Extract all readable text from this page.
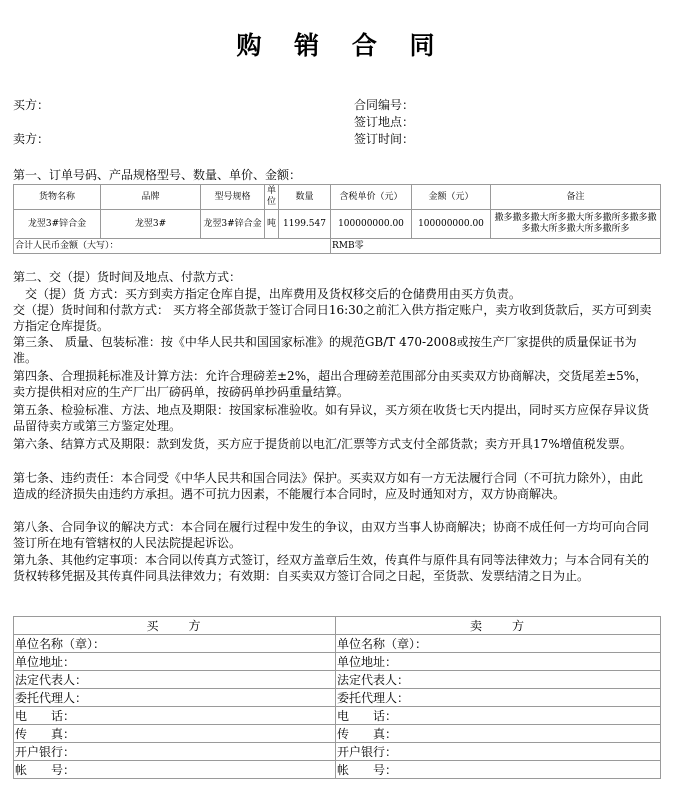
购 销 合 同
买方：
卖方：
合同编号：
签订地点：
签订时间：
第一、订单号码、产品规格型号、数量、单价、金额：
货物名称	品牌	型号规格	单位	数量	含税单价（元）	金额（元）	备注
龙翌3#锌合金	龙翌3#	龙翌3#锌合金	吨	1199.547	100000000.00	100000000.00	撒多撒多撒大所多撒大所多撒所多撒多撒多撒大所多撒大所多撒所多
合计人民币金额（大写）：					RMB零		
第二、交（提）货时间及地点、付款方式：
交（提）货 方式：买方到卖方指定仓库自提，出库费用及货权移交后的仓储费用由买方负责。
交（提）货时间和付款方式： 买方将全部货款于签订合同日16:30之前汇入供方指定账户，卖方收到货款后，买方可到卖方指定仓库提货。
第三条、 质量、包装标准：按《中华人民共和国国家标准》的规范GB/T 470-2008或按生产厂家提供的质量保证书为准。
第四条、合理损耗标准及计算方法：允许合理磅差±2%，超出合理磅差范围部分由买卖双方协商解决，交货尾差±5%，卖方提供相对应的生产厂出厂磅码单，按磅码单抄码重量结算。
第五条、检验标准、方法、地点及期限：按国家标准验收。如有异议，买方须在收货七天内提出，同时买方应保存异议货品留待卖方或第三方鉴定处理。
第六条、结算方式及期限：款到发货，买方应于提货前以电汇/汇票等方式支付全部货款；卖方开具17%增值税发票。
第七条、违约责任：本合同受《中华人民共和国合同法》保护。买卖双方如有一方无法履行合同（不可抗力除外），由此造成的经济损失由违约方承担。遇不可抗力因素，不能履行本合同时，应及时通知对方，双方协商解决。
第八条、合同争议的解决方式：本合同在履行过程中发生的争议，由双方当事人协商解决；协商不成任何一方均可向合同签订所在地有管辖权的人民法院提起诉讼。
第九条、其他约定事项：本合同以传真方式签订，经双方盖章后生效，传真件与原件具有同等法律效力；与本合同有关的货权转移凭据及其传真件同具法律效力；有效期：自买卖双方签订合同之日起，至货款、发票结清之日为止。
买　　方	卖　　方
单位名称（章）：	单位名称（章）：
单位地址：	单位地址：
法定代表人：	法定代表人：
委托代理人：	委托代理人：
电　　话：	电　　话：
传　　真：	传　　真：
开户银行：	开户银行：
帐　　号：	帐　　号：
